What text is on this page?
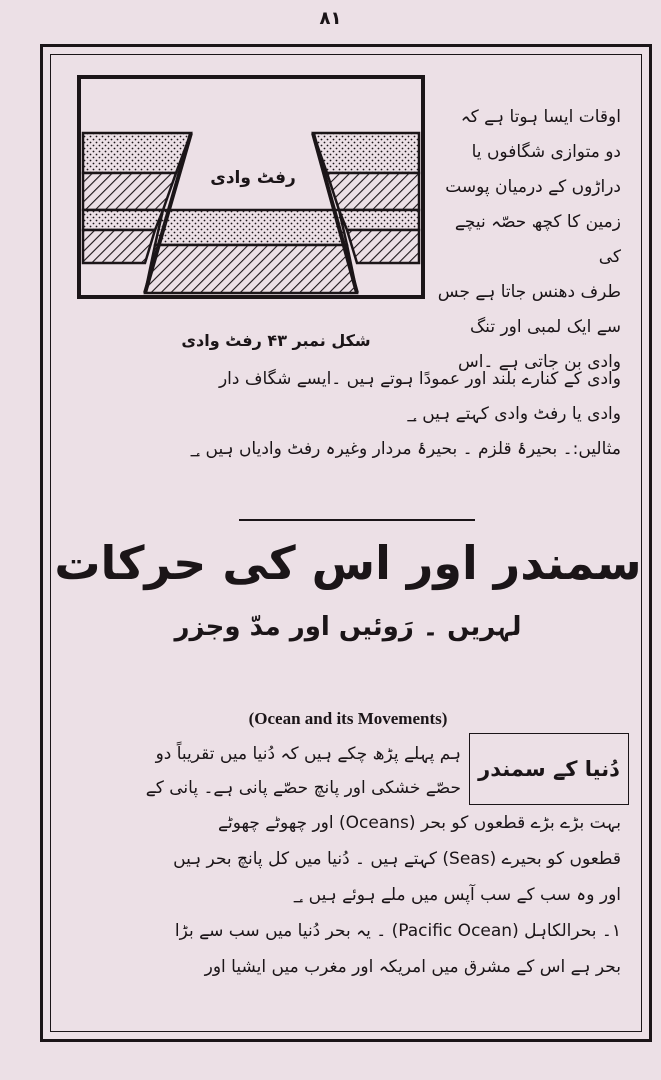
٨١
رفٹ وادی
شکل نمبر ۴۳ رفٹ وادی

اوقات ایسا ہوتا ہے کہ

دو متوازی شگافوں یا

دراڑوں کے درمیان پوست

زمین کا کچھ حصّہ نیچے کی

طرف دھنس جاتا ہے جس

سے ایک لمبی اور تنگ

وادی بن جاتی ہے ۔اس

وادی کے کنارے بلند اور عمودًا ہوتے ہیں ۔ایسے شگاف دار

وادی یا رفٹ وادی کہتے ہیں ؀

مثالیں:۔ بحیرۂ قلزم ۔ بحیرۂ مردار وغیرہ رفٹ وادیاں ہیں ؀

سمندر اور اس کی حرکات
لہریں ۔ رَوئیں اور مدّ وجزر
(Ocean and its Movements)
دُنیا کے سمندر

ہم پہلے پڑھ چکے ہیں کہ دُنیا میں تقریباً دو

حصّے خشکی اور پانچ حصّے پانی ہے۔ پانی کے

بہت بڑے بڑے قطعوں کو بحر (Oceans) اور چھوٹے چھوٹے

قطعوں کو بحیرے (Seas) کہتے ہیں ۔ دُنیا میں کل پانچ بحر ہیں

اور وہ سب کے سب آپس میں ملے ہوئے ہیں ؀

١۔ بحرالکاہل (Pacific Ocean) ۔ یہ بحر دُنیا میں سب سے بڑا

بحر ہے اس کے مشرق میں امریکہ اور مغرب میں ایشیا اور
